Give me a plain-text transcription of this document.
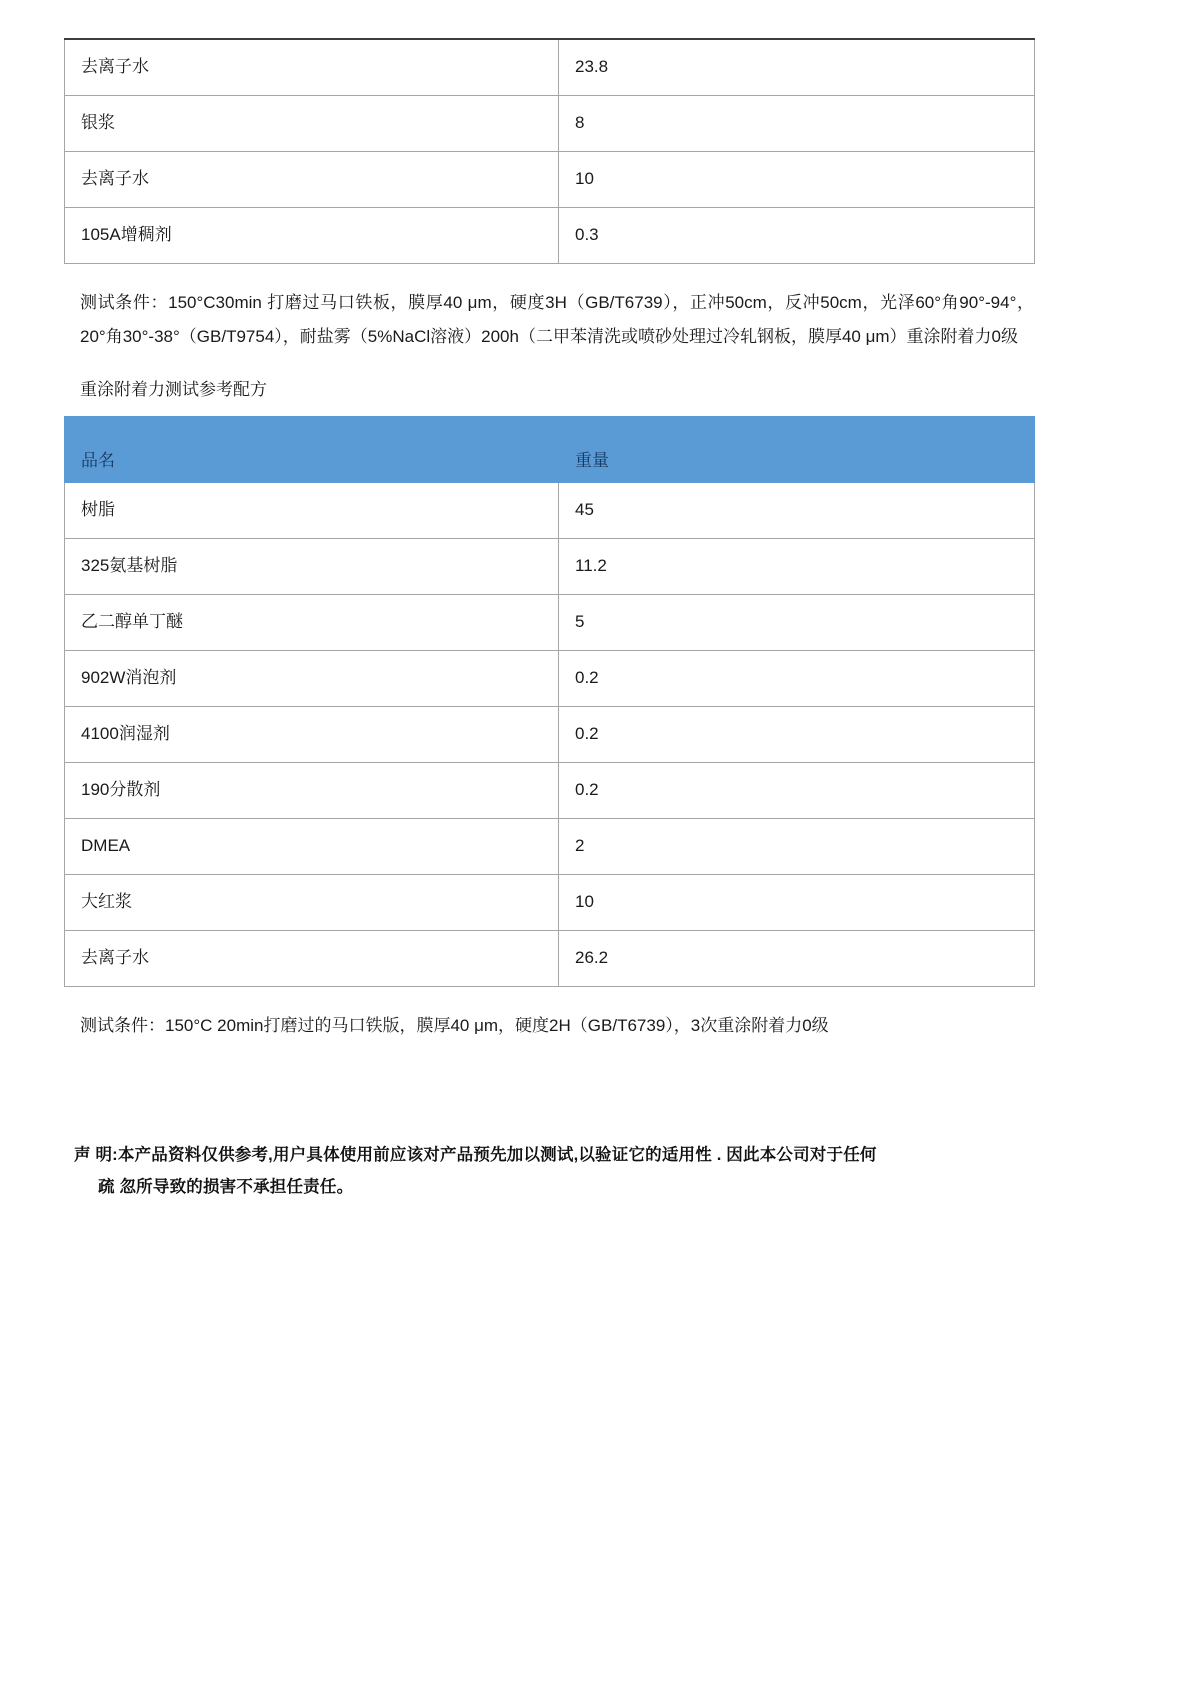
去离子水	23.8
银浆	8
去离子水	10
105A增稠剂	0.3

测试条件：150°C30min 打磨过马口铁板，膜厚40 μm，硬度3H（GB/T6739），正冲50cm，反冲50cm，光泽60°角90°-94°， 20°角30°-38°（GB/T9754），耐盐雾（5%NaCl溶液）200h（二甲苯清洗或喷砂处理过冷轧钢板，膜厚40 μm）重涂附着力0级

重涂附着力测试参考配方

品名	重量
树脂	45
325氨基树脂	11.2
乙二醇单丁醚	5
902W消泡剂	0.2
4100润湿剂	0.2
190分散剂	0.2
DMEA	2
大红浆	10
去离子水	26.2

测试条件：150°C 20min打磨过的马口铁版，膜厚40 μm，硬度2H（GB/T6739），3次重涂附着力0级

声 明:本产品资料仅供参考,用户具体使用前应该对产品预先加以测试,以验证它的适用性 . 因此本公司对于任何
疏 忽所导致的损害不承担任责任。
